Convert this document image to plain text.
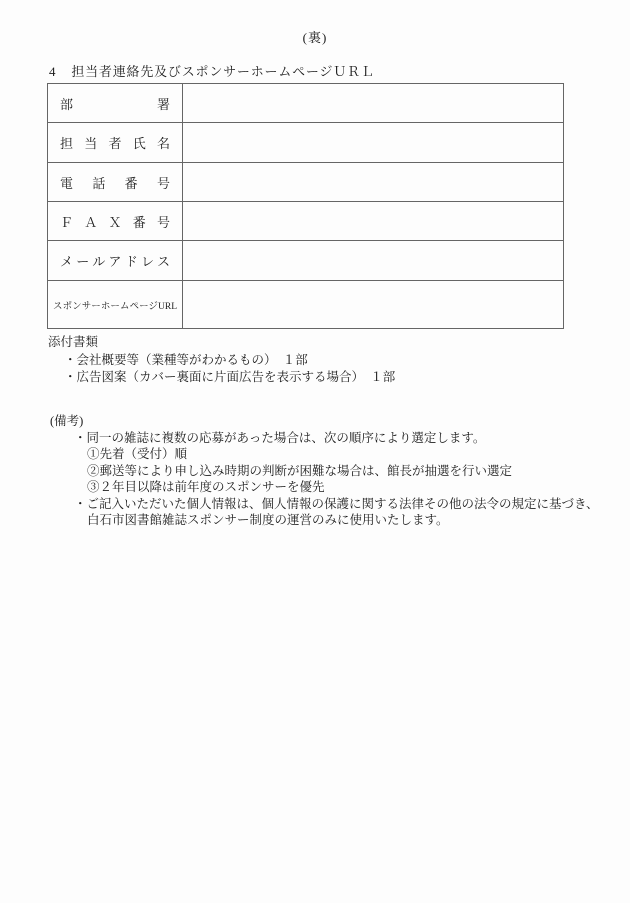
(裏)
4 担当者連絡先及びスポンサーホームページＵＲＬ
部署	
担当者氏名	
電話番号	
ＦＡＸ番号	
メールアドレス	
スポンサーホームページURL	
添付書類
・会社概要等（業種等がわかるもの）　１部
・広告図案（カバー裏面に片面広告を表示する場合）　１部
(備考)
・同一の雑誌に複数の応募があった場合は、次の順序により選定します。
①先着（受付）順
②郵送等により申し込み時期の判断が困難な場合は、館長が抽選を行い選定
③２年目以降は前年度のスポンサーを優先
・ご記入いただいた個人情報は、個人情報の保護に関する法律その他の法令の規定に基づき、
白石市図書館雑誌スポンサー制度の運営のみに使用いたします。
